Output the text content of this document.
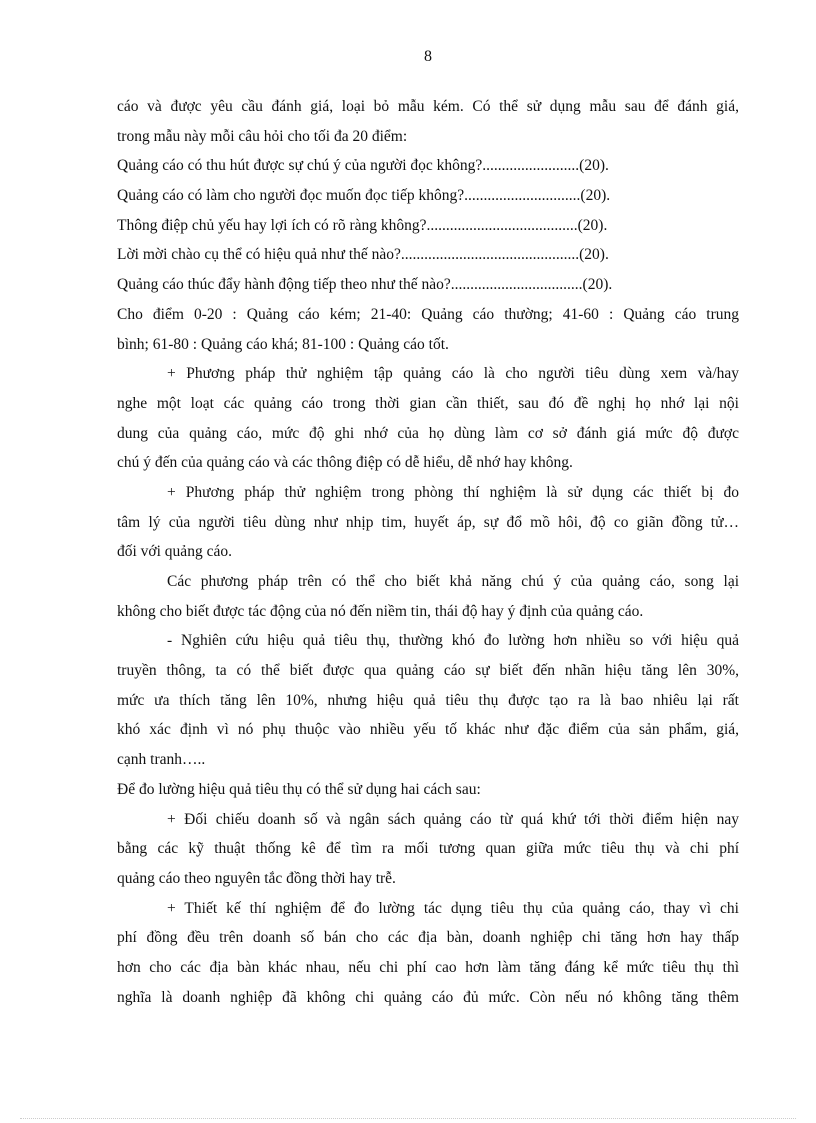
8
cáo và được yêu cầu đánh giá, loại bỏ mẫu kém. Có thể sử dụng mẫu sau để đánh giá,
trong mẫu này mỗi câu hỏi cho tối đa 20 điểm:
Quảng cáo có thu hút được sự chú ý của người đọc không?.........................(20).
Quảng cáo có làm cho người đọc muốn đọc tiếp không?..............................(20).
Thông điệp chủ yếu hay lợi ích có rõ ràng không?.......................................(20).
Lời mời chào cụ thể có hiệu quả như thế nào?..............................................(20).
Quảng cáo thúc đẩy hành động tiếp theo như thế nào?..................................(20).
Cho điểm 0-20 : Quảng cáo kém; 21-40: Quảng cáo thường; 41-60 : Quảng cáo trung
bình; 61-80 : Quảng cáo khá; 81-100 : Quảng cáo tốt.
+ Phương pháp thử nghiệm tập quảng cáo là cho người tiêu dùng xem và/hay
nghe một loạt các quảng cáo trong thời gian cần thiết, sau đó đề nghị họ nhớ lại nội
dung của quảng cáo, mức độ ghi nhớ của họ dùng làm cơ sở đánh giá mức độ được
chú ý đến của quảng cáo và các thông điệp có dễ hiểu, dễ nhớ hay không.
+ Phương pháp thử nghiệm trong phòng thí nghiệm là sử dụng các thiết bị đo
tâm lý của người tiêu dùng như nhịp tim, huyết áp, sự đổ mồ hôi, độ co giãn đồng tử…
đối với quảng cáo.
Các phương pháp trên có thể cho biết khả năng chú ý của quảng cáo, song lại
không cho biết được tác động của nó đến niềm tin, thái độ hay ý định của quảng cáo.
- Nghiên cứu hiệu quả tiêu thụ, thường khó đo lường hơn nhiều so với hiệu quả
truyền thông, ta có thể biết được qua quảng cáo sự biết đến nhãn hiệu tăng lên 30%,
mức ưa thích tăng lên 10%, nhưng hiệu quả tiêu thụ được tạo ra là bao nhiêu lại rất
khó xác định vì nó phụ thuộc vào nhiều yếu tố khác như đặc điểm của sản phẩm, giá,
cạnh tranh…..
Để đo lường hiệu quả tiêu thụ có thể sử dụng hai cách sau:
+ Đối chiếu doanh số và ngân sách quảng cáo từ quá khứ tới thời điểm hiện nay
bằng các kỹ thuật thống kê để tìm ra mối tương quan giữa mức tiêu thụ và chi phí
quảng cáo theo nguyên tắc đồng thời hay trễ.
+ Thiết kế thí nghiệm để đo lường tác dụng tiêu thụ của quảng cáo, thay vì chi
phí đồng đều trên doanh số bán cho các địa bàn, doanh nghiệp chi tăng hơn hay thấp
hơn cho các địa bàn khác nhau, nếu chi phí cao hơn làm tăng đáng kể mức tiêu thụ thì
nghĩa là doanh nghiệp đã không chi quảng cáo đủ mức. Còn nếu nó không tăng thêm
